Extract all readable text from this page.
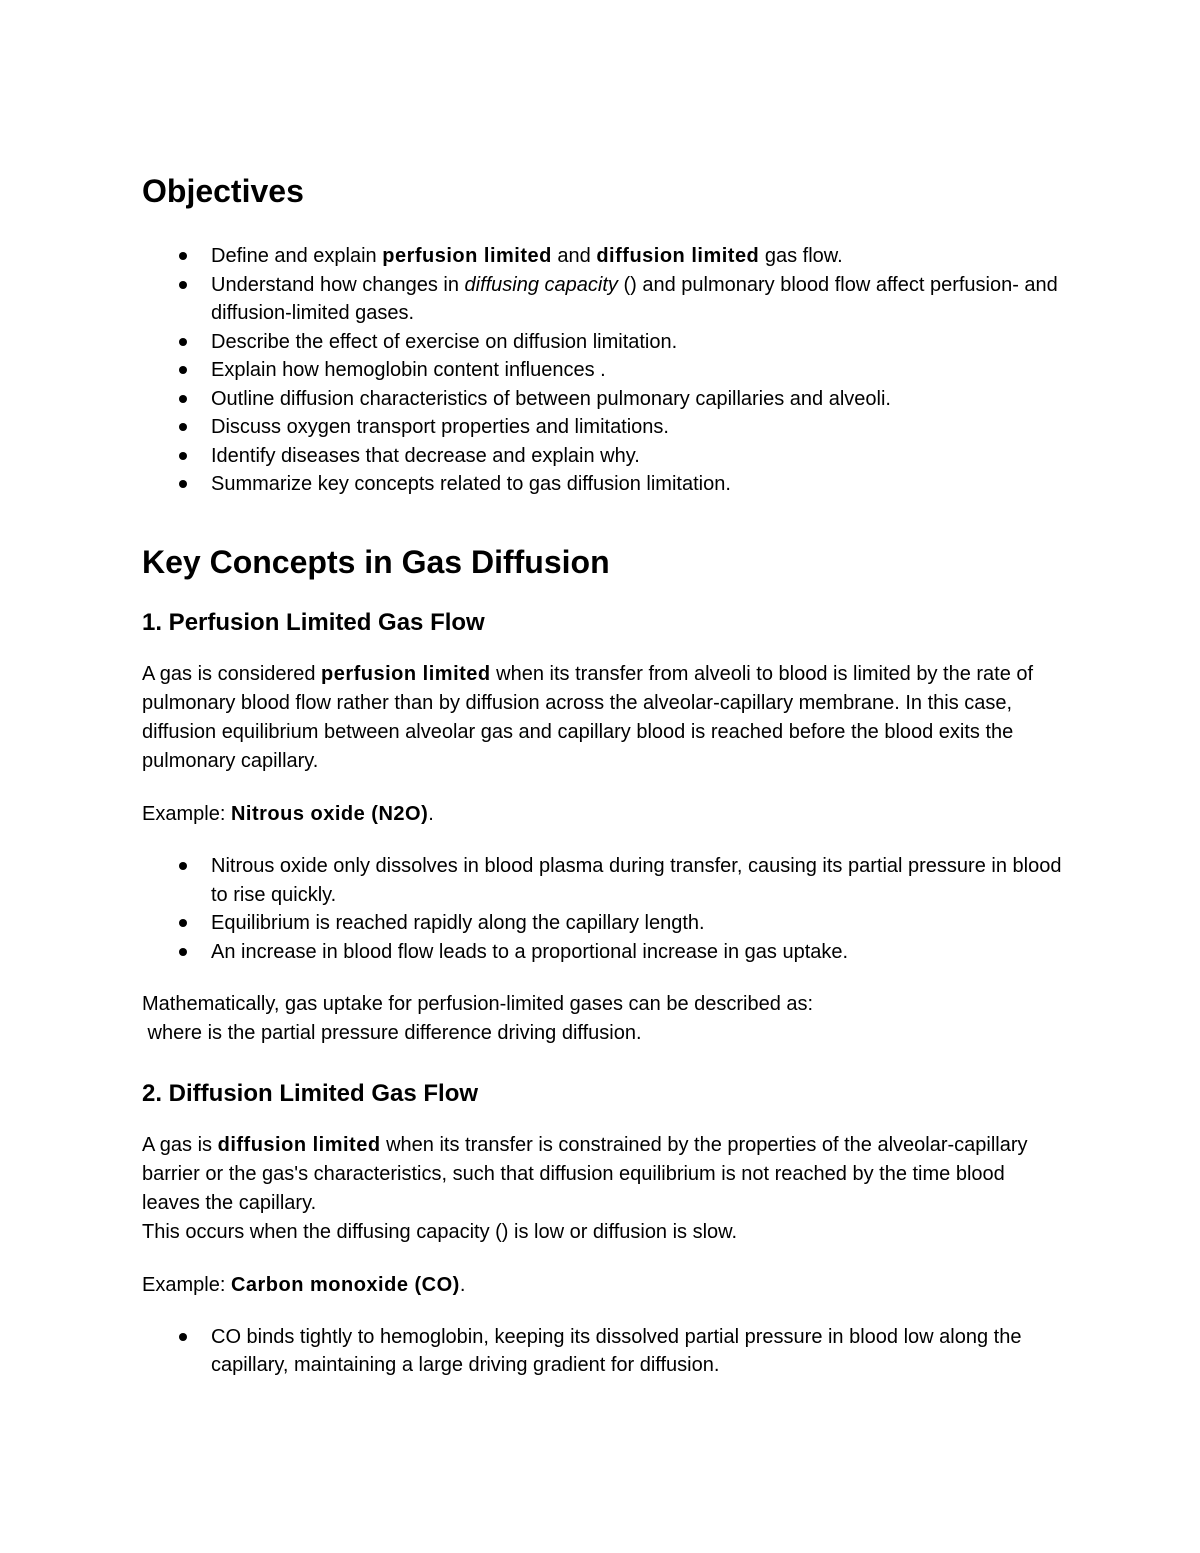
Objectives
Define and explain perfusion limited and diffusion limited gas flow.
Understand how changes in diffusing capacity () and pulmonary blood flow affect perfusion- and diffusion-limited gases.
Describe the effect of exercise on diffusion limitation.
Explain how hemoglobin content influences .
Outline diffusion characteristics of between pulmonary capillaries and alveoli.
Discuss oxygen transport properties and limitations.
Identify diseases that decrease and explain why.
Summarize key concepts related to gas diffusion limitation.
Key Concepts in Gas Diffusion
1. Perfusion Limited Gas Flow

A gas is considered perfusion limited when its transfer from alveoli to blood is limited by the rate of pulmonary blood flow rather than by diffusion across the alveolar-capillary membrane. In this case, diffusion equilibrium between alveolar gas and capillary blood is reached before the blood exits the pulmonary capillary.

Example: Nitrous oxide (N2O).

Nitrous oxide only dissolves in blood plasma during transfer, causing its partial pressure in blood to rise quickly.
Equilibrium is reached rapidly along the capillary length.
An increase in blood flow leads to a proportional increase in gas uptake.

Mathematically, gas uptake for perfusion-limited gases can be described as:
where is the partial pressure difference driving diffusion.

2. Diffusion Limited Gas Flow

A gas is diffusion limited when its transfer is constrained by the properties of the alveolar-capillary barrier or the gas's characteristics, such that diffusion equilibrium is not reached by the time blood leaves the capillary.
This occurs when the diffusing capacity () is low or diffusion is slow.

Example: Carbon monoxide (CO).

CO binds tightly to hemoglobin, keeping its dissolved partial pressure in blood low along the capillary, maintaining a large driving gradient for diffusion.
